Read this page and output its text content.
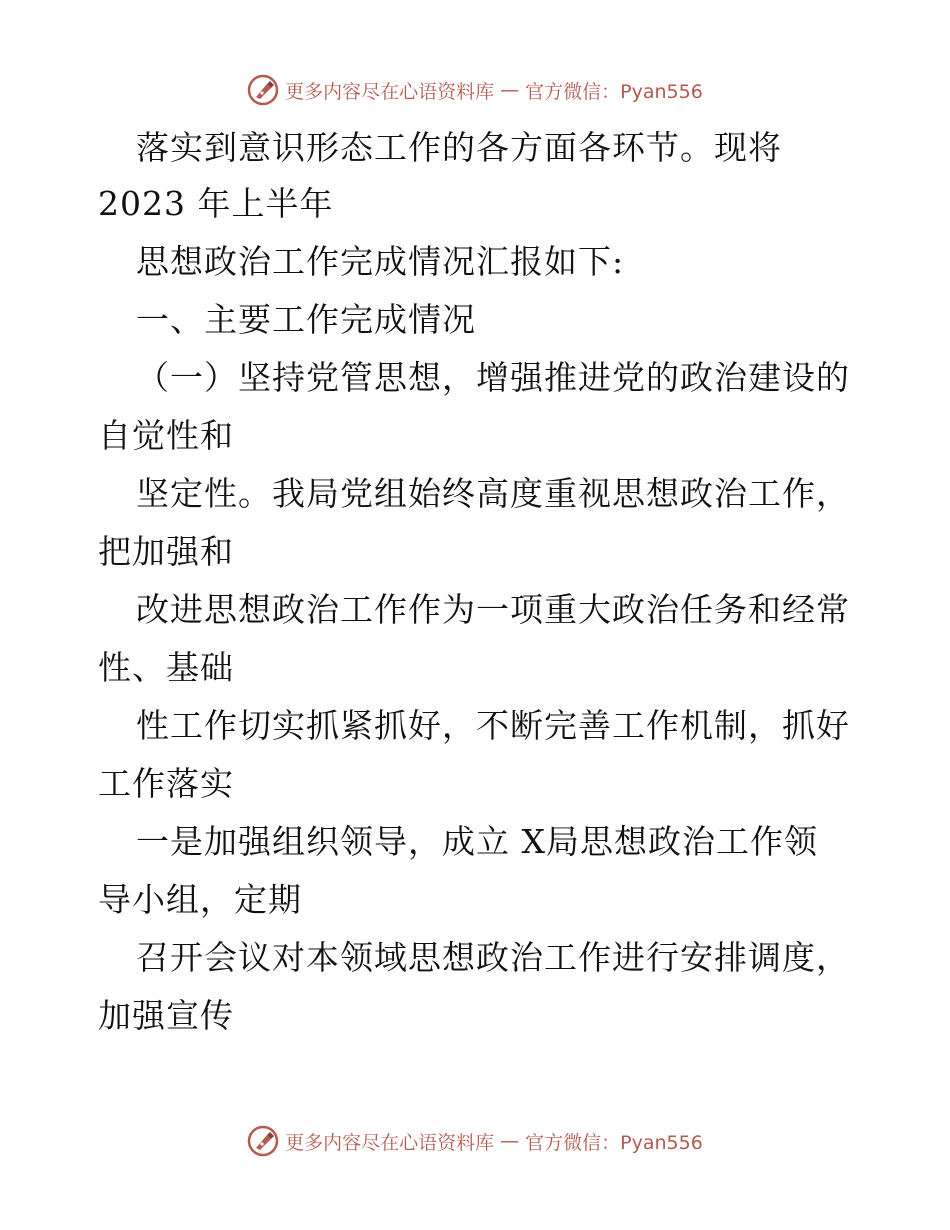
更多内容尽在心语资料库 — 官方微信：Pyan556
落实到意识形态工作的各方面各环节。现将
2023 年上半年
思想政治工作完成情况汇报如下:
一、主要工作完成情况
（一）坚持党管思想，增强推进党的政治建设的
自觉性和
坚定性。我局党组始终高度重视思想政治工作，
把加强和
改进思想政治工作作为一项重大政治任务和经常
性、基础
性工作切实抓紧抓好，不断完善工作机制，抓好
工作落实
一是加强组织领导，成立 X局思想政治工作领
导小组，定期
召开会议对本领域思想政治工作进行安排调度，
加强宣传
更多内容尽在心语资料库 — 官方微信：Pyan556
